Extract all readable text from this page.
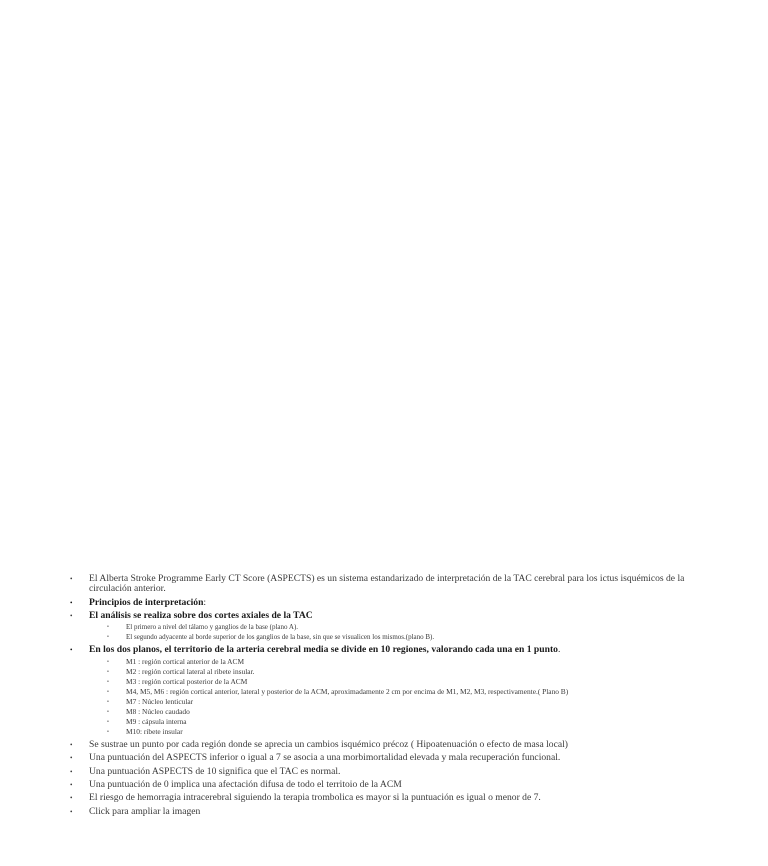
• El Alberta Stroke Programme Early CT Score (ASPECTS) es un sistema estandarizado de interpretación de la TAC cerebral para los ictus isquémicos de la circulación anterior.
• Principios de interpretación:
• El análisis se realiza sobre dos cortes axiales de la TAC
• El primero a nivel del tálamo y ganglios de la base (plano A).
• El segundo adyacente al borde superior de los ganglios de la base, sin que se visualicen los mismos.(plano B).
• En los dos planos, el territorio de la arteria cerebral media se divide en 10 regiones, valorando cada una en 1 punto.
• M1 : región cortical anterior de la ACM
• M2 : región cortical lateral al ribete insular.
• M3 : región cortical posterior de la ACM
• M4, M5, M6 : región cortical anterior, lateral y posterior de la ACM, aproximadamente 2 cm por encima de M1, M2, M3, respectivamente.( Plano B)
• M7 : Núcleo lenticular
• M8 : Núcleo caudado
• M9 : cápsula interna
• M10: ribete insular
• Se sustrae un punto por cada región donde se aprecia un cambios isquémico précoz ( Hipoatenuación o efecto de masa local)
• Una puntuación del ASPECTS inferior o igual a 7 se asocia a una morbimortalidad elevada y mala recuperación funcional.
• Una puntuación ASPECTS de 10 significa que el TAC es normal.
• Una puntuación de 0 implica una afectación difusa de todo el territoio de la ACM
• El riesgo de hemorragia intracerebral siguiendo la terapia trombolica es mayor si la puntuación es igual o menor de 7.
• Click para ampliar la imagen
